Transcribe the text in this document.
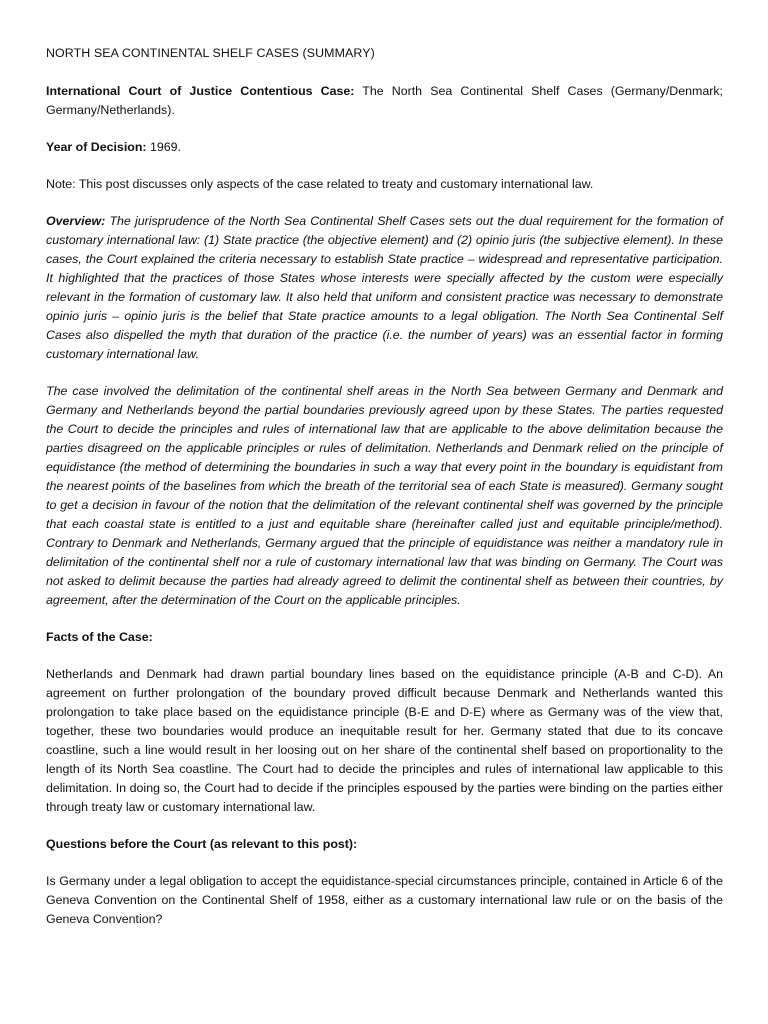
NORTH SEA CONTINENTAL SHELF CASES (SUMMARY)

International Court of Justice Contentious Case: The North Sea Continental Shelf Cases (Germany/Denmark; Germany/Netherlands).

Year of Decision: 1969.

Note: This post discusses only aspects of the case related to treaty and customary international law.

Overview: The jurisprudence of the North Sea Continental Shelf Cases sets out the dual requirement for the formation of customary international law: (1) State practice (the objective element) and (2) opinio juris (the subjective element). In these cases, the Court explained the criteria necessary to establish State practice – widespread and representative participation. It highlighted that the practices of those States whose interests were specially affected by the custom were especially relevant in the formation of customary law. It also held that uniform and consistent practice was necessary to demonstrate opinio juris – opinio juris is the belief that State practice amounts to a legal obligation. The North Sea Continental Self Cases also dispelled the myth that duration of the practice (i.e. the number of years) was an essential factor in forming customary international law.

The case involved the delimitation of the continental shelf areas in the North Sea between Germany and Denmark and Germany and Netherlands beyond the partial boundaries previously agreed upon by these States. The parties requested the Court to decide the principles and rules of international law that are applicable to the above delimitation because the parties disagreed on the applicable principles or rules of delimitation. Netherlands and Denmark relied on the principle of equidistance (the method of determining the boundaries in such a way that every point in the boundary is equidistant from the nearest points of the baselines from which the breath of the territorial sea of each State is measured). Germany sought to get a decision in favour of the notion that the delimitation of the relevant continental shelf was governed by the principle that each coastal state is entitled to a just and equitable share (hereinafter called just and equitable principle/method). Contrary to Denmark and Netherlands, Germany argued that the principle of equidistance was neither a mandatory rule in delimitation of the continental shelf nor a rule of customary international law that was binding on Germany. The Court was not asked to delimit because the parties had already agreed to delimit the continental shelf as between their countries, by agreement, after the determination of the Court on the applicable principles.

Facts of the Case:

Netherlands and Denmark had drawn partial boundary lines based on the equidistance principle (A-B and C-D). An agreement on further prolongation of the boundary proved difficult because Denmark and Netherlands wanted this prolongation to take place based on the equidistance principle (B-E and D-E) where as Germany was of the view that, together, these two boundaries would produce an inequitable result for her. Germany stated that due to its concave coastline, such a line would result in her loosing out on her share of the continental shelf based on proportionality to the length of its North Sea coastline. The Court had to decide the principles and rules of international law applicable to this delimitation. In doing so, the Court had to decide if the principles espoused by the parties were binding on the parties either through treaty law or customary international law.

Questions before the Court (as relevant to this post):

Is Germany under a legal obligation to accept the equidistance-special circumstances principle, contained in Article 6 of the Geneva Convention on the Continental Shelf of 1958, either as a customary international law rule or on the basis of the Geneva Convention?
